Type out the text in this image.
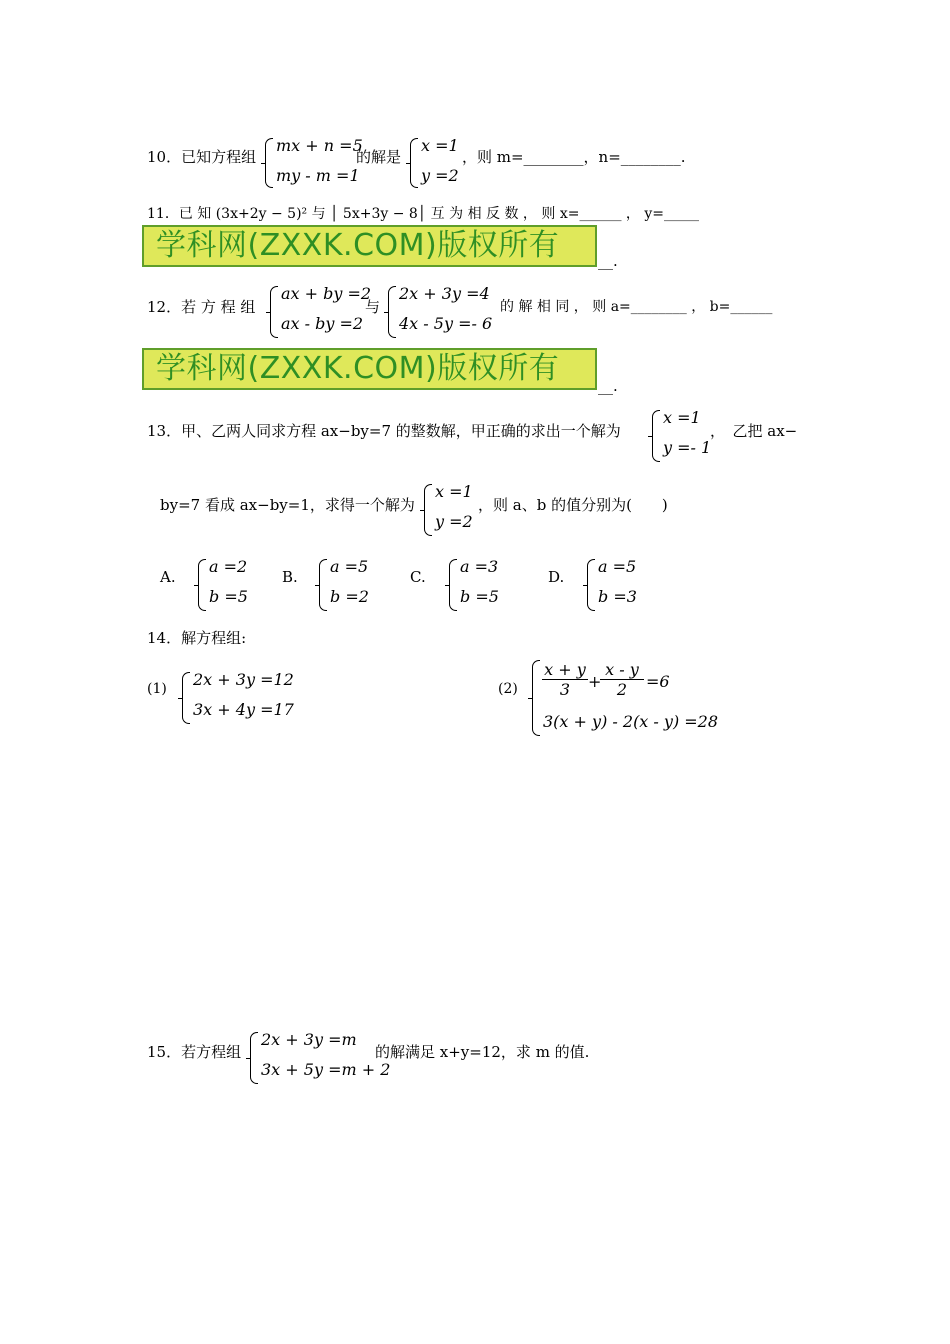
10．已知方程组
mx + n =5
my - m =1
的解是
x =1
y =2
，则 m=________，n=________.
11．已 知 (3x+2y − 5)² 与 │ 5x+3y − 8│ 互 为 相 反 数 ， 则 x=______ ， y=_____
学科网(ZXXK.COM)版权所有	__.
12．若 方 程 组
ax + by =2
ax - by =2
与
2x + 3y =4
4x - 5y =- 6
的 解 相 同 ， 则 a=________ ， b=______
学科网(ZXXK.COM)版权所有	__.
13．甲、乙两人同求方程 ax−by=7 的整数解，甲正确的求出一个解为
x =1
y =- 1
，　乙把 ax−
by=7 看成 ax−by=1，求得一个解为
x =1
y =2
，则 a、b 的值分别为(　　)
A.
a =2
b =5
B.
a =5
b =2
C.
a =3
b =5
D.
a =5
b =3
14．解方程组:
(1) 2x + 3y =12
3x + 4y =17
$(2) \frac{x + y}{3}$ +
$\frac{x - y}{2} =6$
3(x + y) - 2(x - y) =28
15．若方程组
2x + 3y =m
3x + 5y =m + 2
的解满足 x+y=12，求 m 的值.
